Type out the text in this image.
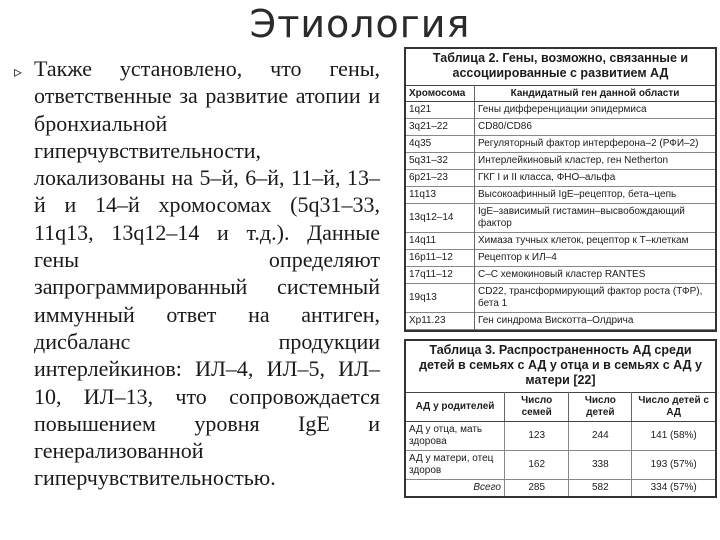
Этиология
▹ Также установлено, что гены, ответственные за развитие атопии и бронхиальной гиперчувствительности, локализованы на 5–й, 6–й, 11–й, 13–й и 14–й хромосомах (5q31–33, 11q13, 13q12–14 и т.д.). Данные гены определяют запрограммированный системный иммунный ответ на антиген, дисбаланс продукции интерлейкинов: ИЛ–4, ИЛ–5, ИЛ–10, ИЛ–13, что сопровождается повышением уровня IgE и генерализованной гиперчувствительностью.
Таблица 2. Гены, возможно, связанные и ассоциированные с развитием АД
Хромосома	Кандидатный ген данной области
1q21	Гены дифференциации эпидермиса
3q21–22	CD80/CD86
4q35	Регуляторный фактор интерферона–2 (РФИ–2)
5q31–32	Интерлейкиновый кластер, ген Netherton
6p21–23	ГКГ I и II класса, ФНО–альфа
11q13	Высокоафинный IgE–рецептор, бета–цепь
13q12–14	IgE–зависимый гистамин–высвобождающий фактор
14q11	Химаза тучных клеток, рецептор к Т–клеткам
16p11–12	Рецептор к ИЛ–4
17q11–12	С–С хемокиновый кластер RANTES
19q13	CD22, трансформирующий фактор роста (ТФР), бета 1
Xp11.23	Ген синдрома Вискотта–Олдрича
Таблица 3. Распространенность АД среди детей в семьях с АД у отца и в семьях с АД у матери [22]
АД у родителей	Число семей	Число детей	Число детей с АД
АД у отца, мать здорова	123	244	141 (58%)
АД у матери, отец здоров	162	338	193 (57%)
Всего	285	582	334 (57%)
